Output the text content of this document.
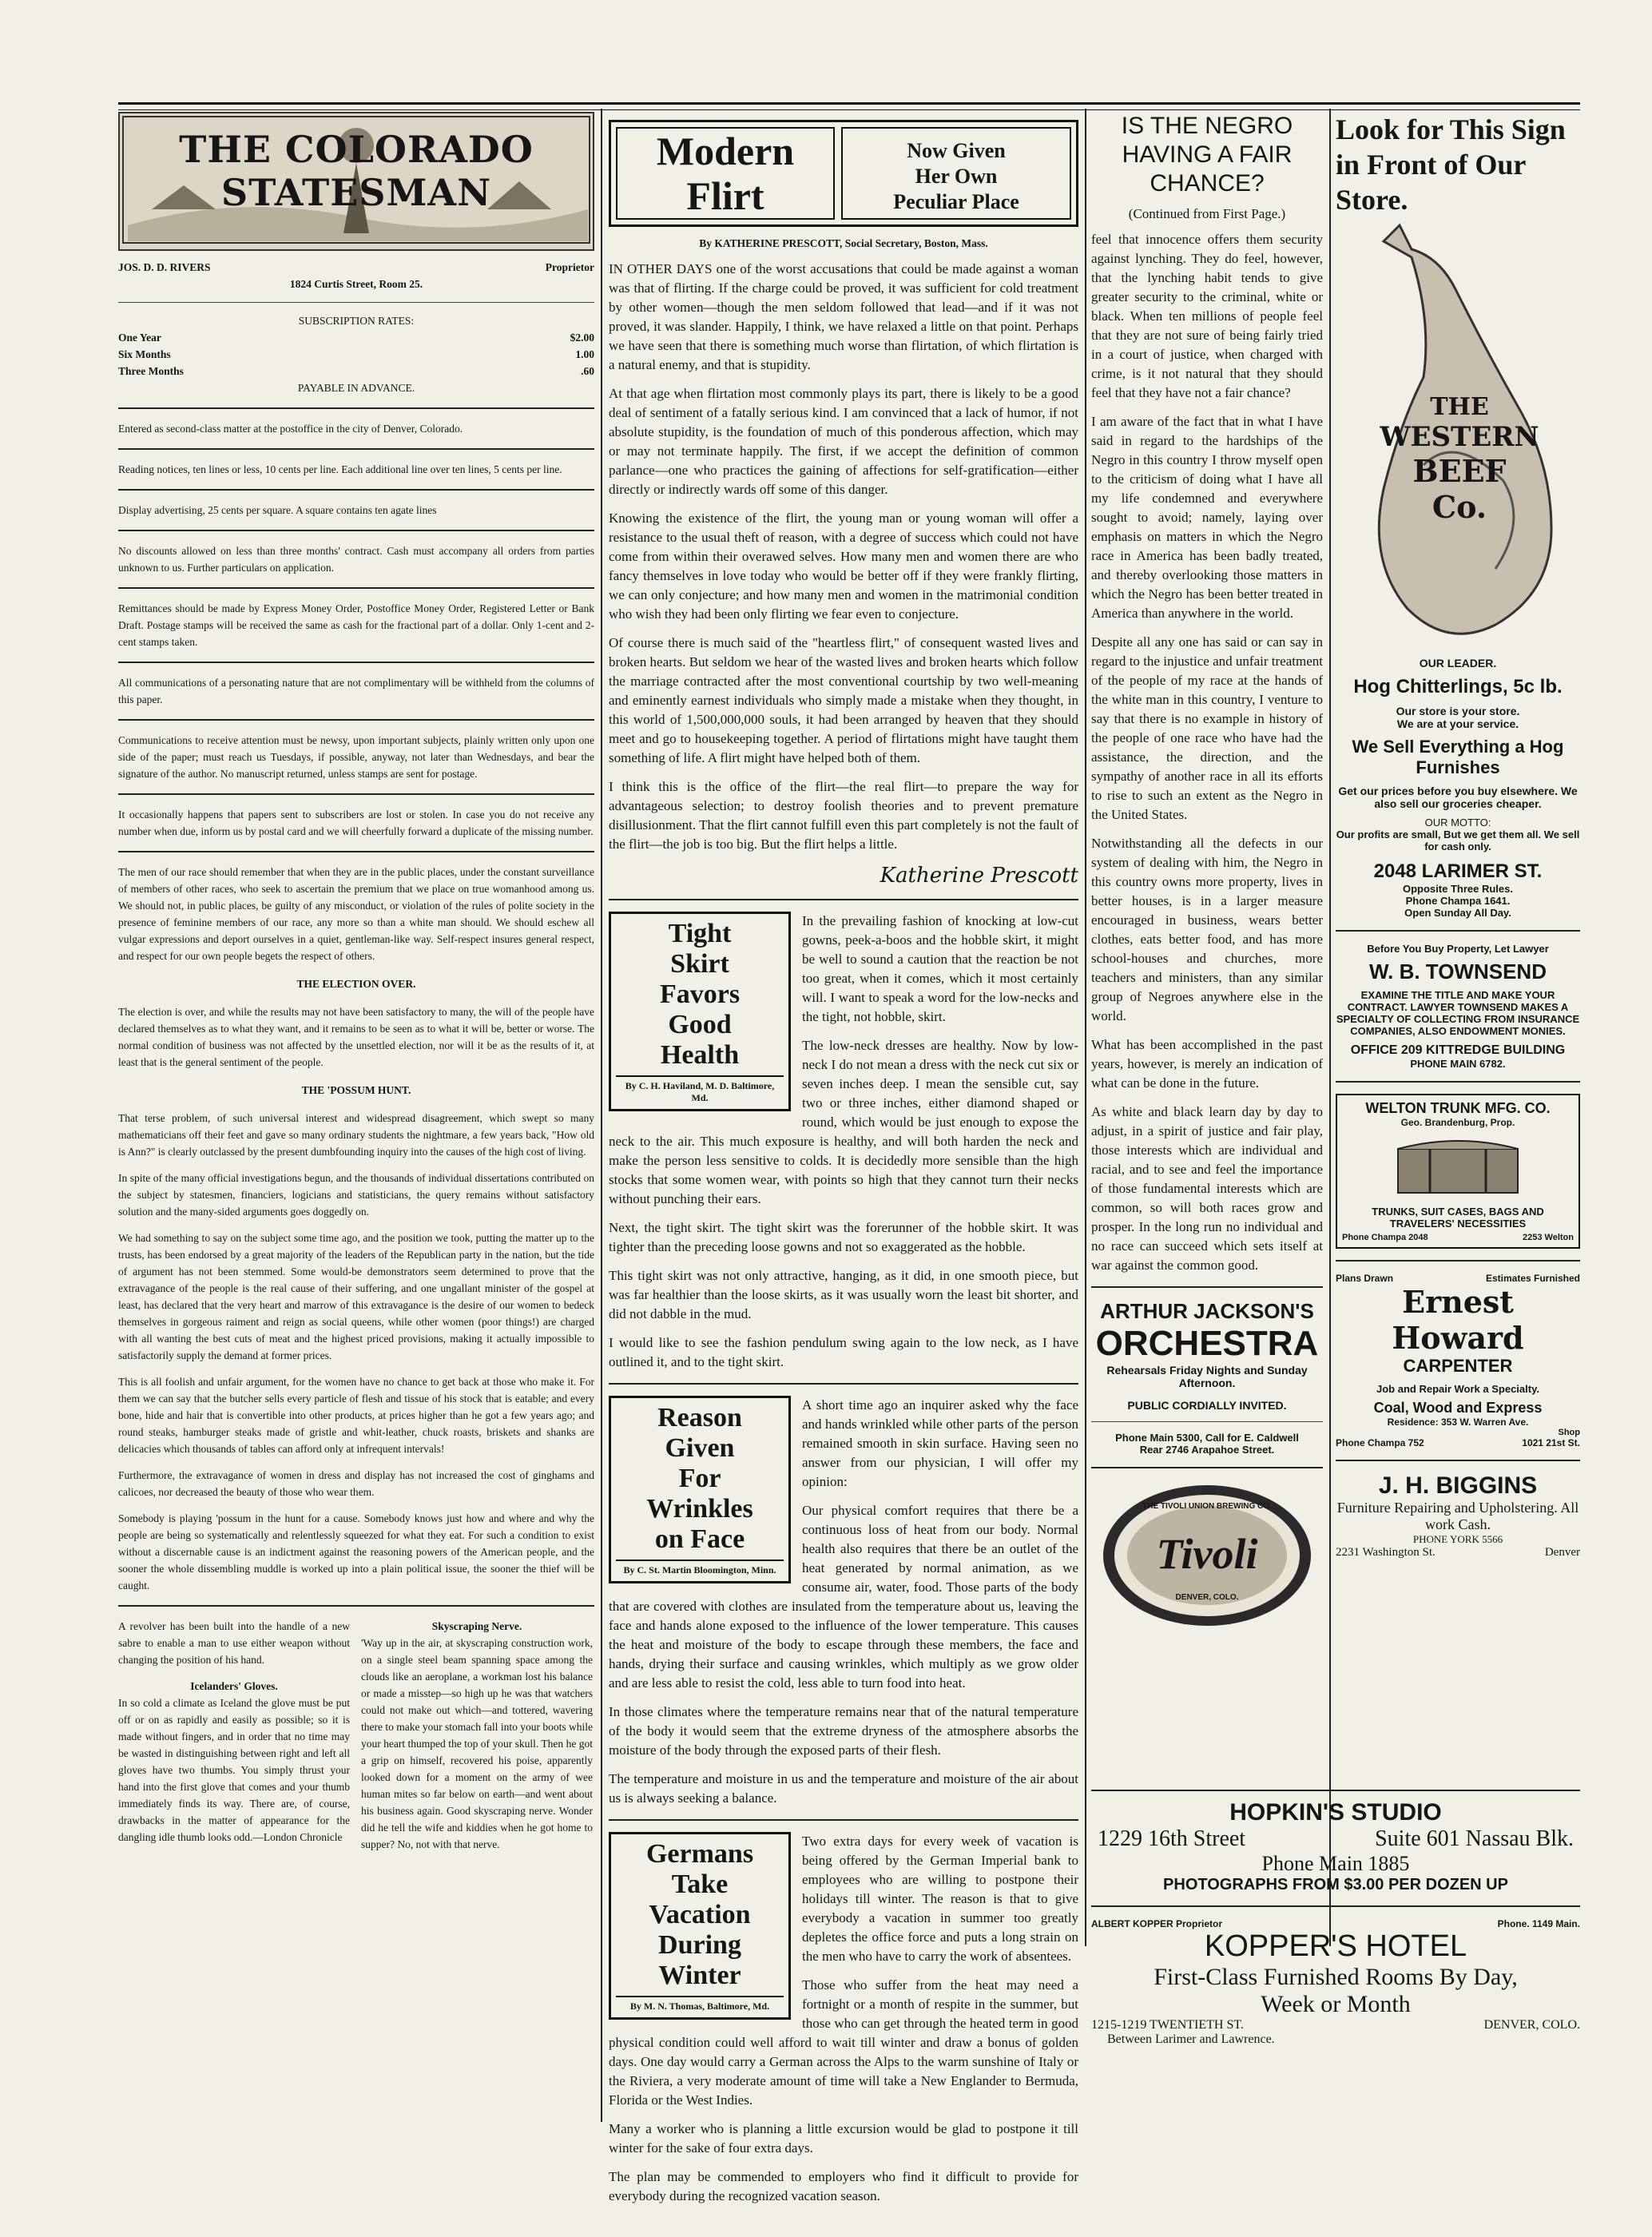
THE COLORADO STATESMAN
JOS. D. D. RIVERS	Proprietor
1824 Curtis Street, Room 25.
SUBSCRIPTION RATES:
One Year	$2.00
Six Months	1.00
Three Months	.60
PAYABLE IN ADVANCE.

Entered as second-class matter at the postoffice in the city of Denver, Colorado.

Reading notices, ten lines or less, 10 cents per line. Each additional line over ten lines, 5 cents per line.

Display advertising, 25 cents per square. A square contains ten agate lines

No discounts allowed on less than three months' contract. Cash must accompany all orders from parties unknown to us. Further particulars on application.

Remittances should be made by Express Money Order, Postoffice Money Order, Registered Letter or Bank Draft. Postage stamps will be received the same as cash for the fractional part of a dollar. Only 1-cent and 2-cent stamps taken.

All communications of a personating nature that are not complimentary will be withheld from the columns of this paper.

Communications to receive attention must be newsy, upon important subjects, plainly written only upon one side of the paper; must reach us Tuesdays, if possible, anyway, not later than Wednesdays, and bear the signature of the author. No manuscript returned, unless stamps are sent for postage.

It occasionally happens that papers sent to subscribers are lost or stolen. In case you do not receive any number when due, inform us by postal card and we will cheerfully forward a duplicate of the missing number.

The men of our race should remember that when they are in the public places, under the constant surveillance of members of other races, who seek to ascertain the premium that we place on true womanhood among us. We should not, in public places, be guilty of any misconduct, or violation of the rules of polite society in the presence of feminine members of our race, any more so than a white man should. We should eschew all vulgar expressions and deport ourselves in a quiet, gentleman-like way. Self-respect insures general respect, and respect for our own people begets the respect of others.

THE ELECTION OVER.

The election is over, and while the results may not have been satisfactory to many, the will of the people have declared themselves as to what they want, and it remains to be seen as to what it will be, better or worse. The normal condition of business was not affected by the unsettled election, nor will it be as the results of it, at least that is the general sentiment of the people.

THE 'POSSUM HUNT.

That terse problem, of such universal interest and widespread disagreement, which swept so many mathematicians off their feet and gave so many ordinary students the nightmare, a few years back, "How old is Ann?" is clearly outclassed by the present dumbfounding inquiry into the causes of the high cost of living.

In spite of the many official investigations begun, and the thousands of individual dissertations contributed on the subject by statesmen, financiers, logicians and statisticians, the query remains without satisfactory solution and the many-sided arguments goes doggedly on.

We had something to say on the subject some time ago, and the position we took, putting the matter up to the trusts, has been endorsed by a great majority of the leaders of the Republican party in the nation, but the tide of argument has not been stemmed. Some would-be demonstrators seem determined to prove that the extravagance of the people is the real cause of their suffering, and one ungallant minister of the gospel at least, has declared that the very heart and marrow of this extravagance is the desire of our women to bedeck themselves in gorgeous raiment and reign as social queens, while other women (poor things!) are charged with all wanting the best cuts of meat and the highest priced provisions, making it actually impossible to satisfactorily supply the demand at former prices.

This is all foolish and unfair argument, for the women have no chance to get back at those who make it. For them we can say that the butcher sells every particle of flesh and tissue of his stock that is eatable; and every bone, hide and hair that is convertible into other products, at prices higher than he got a few years ago; and round steaks, hamburger steaks made of gristle and whit-leather, chuck roasts, briskets and shanks are delicacies which thousands of tables can afford only at infrequent intervals!

Furthermore, the extravagance of women in dress and display has not increased the cost of ginghams and calicoes, nor decreased the beauty of those who wear them.

Somebody is playing 'possum in the hunt for a cause. Somebody knows just how and where and why the people are being so systematically and relentlessly squeezed for what they eat. For such a condition to exist without a discernable cause is an indictment against the reasoning powers of the American people, and the sooner the whole dissembling muddle is worked up into a plain political issue, the sooner the thief will be caught.

A revolver has been built into the handle of a new sabre to enable a man to use either weapon without changing the position of his hand.

Icelanders' Gloves.

In so cold a climate as Iceland the glove must be put off or on as rapidly and easily as possible; so it is made without fingers, and in order that no time may be wasted in distinguishing between right and left all gloves have two thumbs. You simply thrust your hand into the first glove that comes and your thumb immediately finds its way. There are, of course, drawbacks in the matter of appearance for the dangling idle thumb looks odd.—London Chronicle

Skyscraping Nerve.

'Way up in the air, at skyscraping construction work, on a single steel beam spanning space among the clouds like an aeroplane, a workman lost his balance or made a misstep—so high up he was that watchers could not make out which—and tottered, wavering there to make your stomach fall into your boots while your heart thumped the top of your skull. Then he got a grip on himself, recovered his poise, apparently looked down for a moment on the army of wee human mites so far below on earth—and went about his business again. Good skyscraping nerve. Wonder did he tell the wife and kiddies when he got home to supper? No, not with that nerve.

Modern
Flirt
Now Given
Her Own
Peculiar Place
By KATHERINE PRESCOTT, Social Secretary, Boston, Mass.

IN OTHER DAYS one of the worst accusations that could be made against a woman was that of flirting. If the charge could be proved, it was sufficient for cold treatment by other women—though the men seldom followed that lead—and if it was not proved, it was slander. Happily, I think, we have relaxed a little on that point. Perhaps we have seen that there is something much worse than flirtation, of which flirtation is a natural enemy, and that is stupidity.

At that age when flirtation most commonly plays its part, there is likely to be a good deal of sentiment of a fatally serious kind. I am convinced that a lack of humor, if not absolute stupidity, is the foundation of much of this ponderous affection, which may or may not terminate happily. The first, if we accept the definition of common parlance—one who practices the gaining of affections for self-gratification—either directly or indirectly wards off some of this danger.

Knowing the existence of the flirt, the young man or young woman will offer a resistance to the usual theft of reason, with a degree of success which could not have come from within their overawed selves. How many men and women there are who fancy themselves in love today who would be better off if they were frankly flirting, we can only conjecture; and how many men and women in the matrimonial condition who wish they had been only flirting we fear even to conjecture.

Of course there is much said of the "heartless flirt," of consequent wasted lives and broken hearts. But seldom we hear of the wasted lives and broken hearts which follow the marriage contracted after the most conventional courtship by two well-meaning and eminently earnest individuals who simply made a mistake when they thought, in this world of 1,500,000,000 souls, it had been arranged by heaven that they should meet and go to housekeeping together. A period of flirtations might have taught them something of life. A flirt might have helped both of them.

I think this is the office of the flirt—the real flirt—to prepare the way for advantageous selection; to destroy foolish theories and to prevent premature disillusionment. That the flirt cannot fulfill even this part completely is not the fault of the flirt—the job is too big. But the flirt helps a little.

Katherine Prescott
Tight
Skirt
Favors
Good
Health
By C. H. Haviland, M. D. Baltimore, Md.

In the prevailing fashion of knocking at low-cut gowns, peek-a-boos and the hobble skirt, it might be well to sound a caution that the reaction be not too great, when it comes, which it most certainly will. I want to speak a word for the low-necks and the tight, not hobble, skirt.

The low-neck dresses are healthy. Now by low-neck I do not mean a dress with the neck cut six or seven inches deep. I mean the sensible cut, say two or three inches, either diamond shaped or round, which would be just enough to expose the neck to the air. This much exposure is healthy, and will both harden the neck and make the person less sensitive to colds. It is decidedly more sensible than the high stocks that some women wear, with points so high that they cannot turn their necks without punching their ears.

Next, the tight skirt. The tight skirt was the forerunner of the hobble skirt. It was tighter than the preceding loose gowns and not so exaggerated as the hobble.

This tight skirt was not only attractive, hanging, as it did, in one smooth piece, but was far healthier than the loose skirts, as it was usually worn the least bit shorter, and did not dabble in the mud.

I would like to see the fashion pendulum swing again to the low neck, as I have outlined it, and to the tight skirt.

Reason
Given
For
Wrinkles
on Face
By C. St. Martin Bloomington, Minn.

A short time ago an inquirer asked why the face and hands wrinkled while other parts of the person remained smooth in skin surface. Having seen no answer from our physician, I will offer my opinion:

Our physical comfort requires that there be a continuous loss of heat from our body. Normal health also requires that there be an outlet of the heat generated by normal animation, as we consume air, water, food. Those parts of the body that are covered with clothes are insulated from the temperature about us, leaving the face and hands alone exposed to the influence of the lower temperature. This causes the heat and moisture of the body to escape through these members, the face and hands, drying their surface and causing wrinkles, which multiply as we grow older and are less able to resist the cold, less able to turn food into heat.

In those climates where the temperature remains near that of the natural temperature of the body it would seem that the extreme dryness of the atmosphere absorbs the moisture of the body through the exposed parts of their flesh.

The temperature and moisture in us and the temperature and moisture of the air about us is always seeking a balance.

Germans
Take
Vacation
During
Winter
By M. N. Thomas, Baltimore, Md.

Two extra days for every week of vacation is being offered by the German Imperial bank to employees who are willing to postpone their holidays till winter. The reason is that to give everybody a vacation in summer too greatly depletes the office force and puts a long strain on the men who have to carry the work of absentees.

Those who suffer from the heat may need a fortnight or a month of respite in the summer, but those who can get through the heated term in good physical condition could well afford to wait till winter and draw a bonus of golden days. One day would carry a German across the Alps to the warm sunshine of Italy or the Riviera, a very moderate amount of time will take a New Englander to Bermuda, Florida or the West Indies.

Many a worker who is planning a little excursion would be glad to postpone it till winter for the sake of four extra days.

The plan may be commended to employers who find it difficult to provide for everybody during the recognized vacation season.

IS THE NEGRO HAVING A FAIR CHANCE?
(Continued from First Page.)

feel that innocence offers them security against lynching. They do feel, however, that the lynching habit tends to give greater security to the criminal, white or black. When ten millions of people feel that they are not sure of being fairly tried in a court of justice, when charged with crime, is it not natural that they should feel that they have not a fair chance?

I am aware of the fact that in what I have said in regard to the hardships of the Negro in this country I throw myself open to the criticism of doing what I have all my life condemned and everywhere sought to avoid; namely, laying over emphasis on matters in which the Negro race in America has been badly treated, and thereby overlooking those matters in which the Negro has been better treated in America than anywhere in the world.

Despite all any one has said or can say in regard to the injustice and unfair treatment of the people of my race at the hands of the white man in this country, I venture to say that there is no example in history of the people of one race who have had the assistance, the direction, and the sympathy of another race in all its efforts to rise to such an extent as the Negro in the United States.

Notwithstanding all the defects in our system of dealing with him, the Negro in this country owns more property, lives in better houses, is in a larger measure encouraged in business, wears better clothes, eats better food, and has more school-houses and churches, more teachers and ministers, than any similar group of Negroes anywhere else in the world.

What has been accomplished in the past years, however, is merely an indication of what can be done in the future.

As white and black learn day by day to adjust, in a spirit of justice and fair play, those interests which are individual and racial, and to see and feel the importance of those fundamental interests which are common, so will both races grow and prosper. In the long run no individual and no race can succeed which sets itself at war against the common good.

ARTHUR JACKSON'S
ORCHESTRA
Rehearsals Friday Nights and Sunday Afternoon.
PUBLIC CORDIALLY INVITED.
Phone Main 5300, Call for E. Caldwell
Rear 2746 Arapahoe Street.
THE TIVOLI UNION BREWING CO.
Tivoli
DENVER, COLO.
Look for This Sign in Front of Our Store.
THE
WESTERN
BEEF
Co.
OUR LEADER.
Hog Chitterlings, 5c lb.
Our store is your store.
We are at your service.
We Sell Everything a Hog Furnishes
Get our prices before you buy elsewhere. We also sell our groceries cheaper.
OUR MOTTO:
Our profits are small, But we get them all. We sell for cash only.
2048 LARIMER ST.
Opposite Three Rules.
Phone Champa 1641.
Open Sunday All Day.
Before You Buy Property, Let Lawyer
W. B. TOWNSEND
EXAMINE THE TITLE AND MAKE YOUR CONTRACT. LAWYER TOWNSEND MAKES A SPECIALTY OF COLLECTING FROM INSURANCE COMPANIES, ALSO ENDOWMENT MONIES.
OFFICE 209 KITTREDGE BUILDING
PHONE MAIN 6782.
WELTON TRUNK MFG. CO.
Geo. Brandenburg, Prop.
TRUNKS, SUIT CASES, BAGS AND TRAVELERS' NECESSITIES
Phone Champa 2048	2253 Welton
Plans Drawn	Estimates Furnished
Ernest Howard
CARPENTER
Job and Repair Work a Specialty.
Coal, Wood and Express
Residence: 353 W. Warren Ave.
Shop
Phone Champa 752	1021 21st St.
J. H. BIGGINS
Furniture Repairing and Upholstering. All work Cash.
PHONE YORK 5566
2231 Washington St.	Denver
HOPKIN'S STUDIO
1229 16th Street	Suite 601 Nassau Blk.
Phone Main 1885
PHOTOGRAPHS FROM $3.00 PER DOZEN UP
ALBERT KOPPER Proprietor	Phone. 1149 Main.
KOPPER'S HOTEL
First-Class Furnished Rooms By Day,
Week or Month
1215-1219 TWENTIETH ST.	DENVER, COLO.
Between Larimer and Lawrence.
